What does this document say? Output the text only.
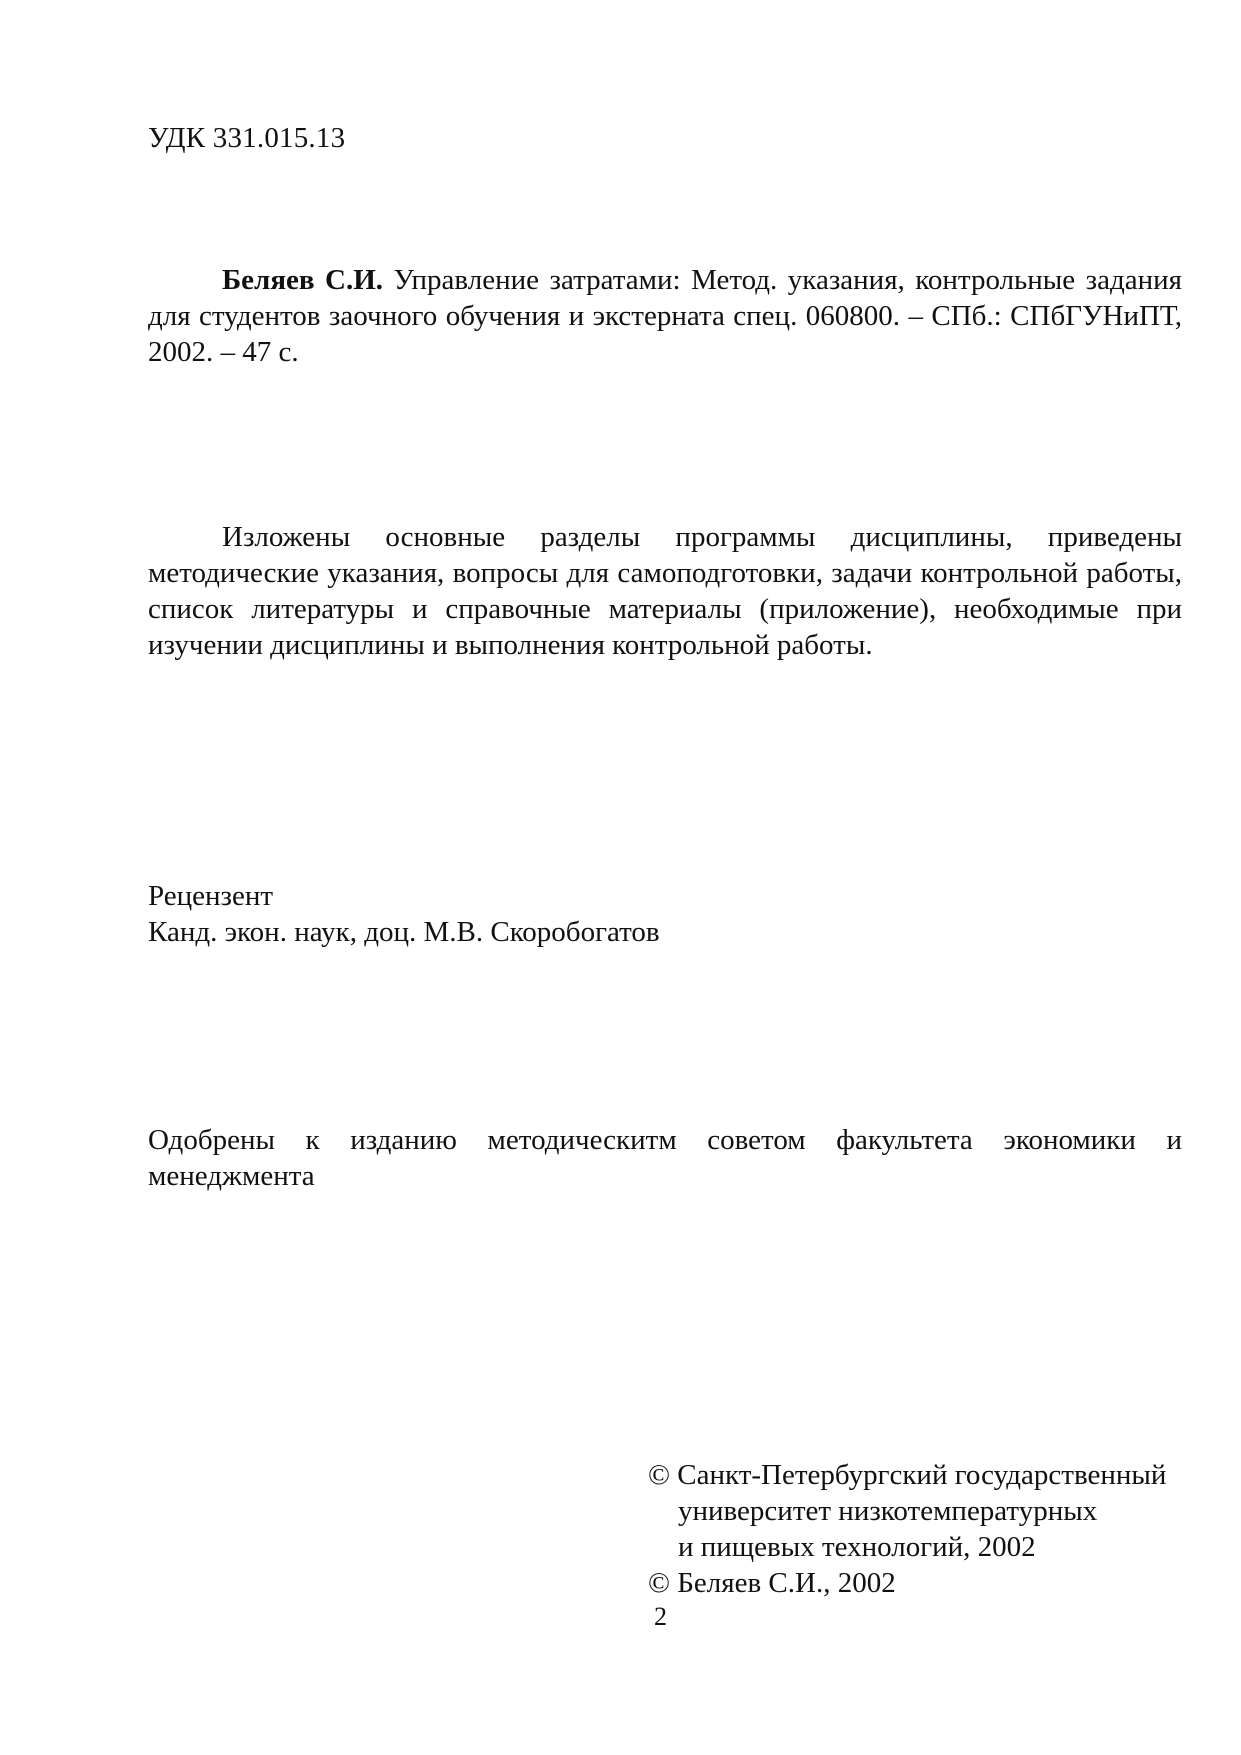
УДК 331.015.13

Беляев С.И. Управление затратами: Метод. указания, контрольные задания для студентов заочного обучения и экстерната спец. 060800. – СПб.: СПбГУНиПТ, 2002. – 47 с.

Изложены основные разделы программы дисциплины, приведены методические указания, вопросы для самоподготовки, задачи контрольной работы, список литературы и справочные материалы (приложение), необходимые при изучении дисциплины и выполнения контрольной работы.

Рецензент
Канд. экон. наук, доц. М.В. Скоробогатов

Одобрены к изданию методическитм советом факультета экономики и менеджмента

© Санкт-Петербургский государственный
университет низкотемпературных
и пищевых технологий, 2002
© Беляев С.И., 2002
2
